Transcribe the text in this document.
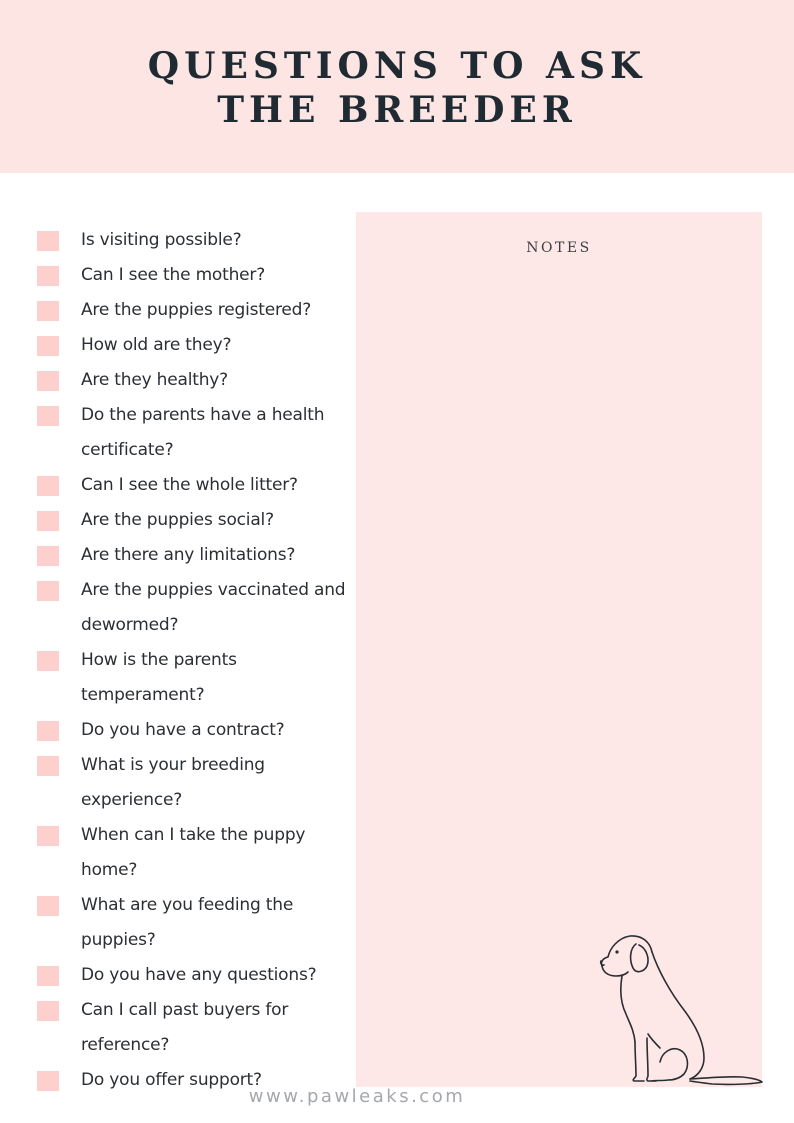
QUESTIONS TO ASK
THE BREEDER
Is visiting possible?
Can I see the mother?
Are the puppies registered?
How old are they?
Are they healthy?
Do the parents have a health certificate?
Can I see the whole litter?
Are the puppies social?
Are there any limitations?
Are the puppies vaccinated and dewormed?
How is the parents temperament?
Do you have a contract?
What is your breeding experience?
When can I take the puppy home?
What are you feeding the puppies?
Do you have any questions?
Can I call past buyers for reference?
Do you offer support?
NOTES
www.pawleaks.com
